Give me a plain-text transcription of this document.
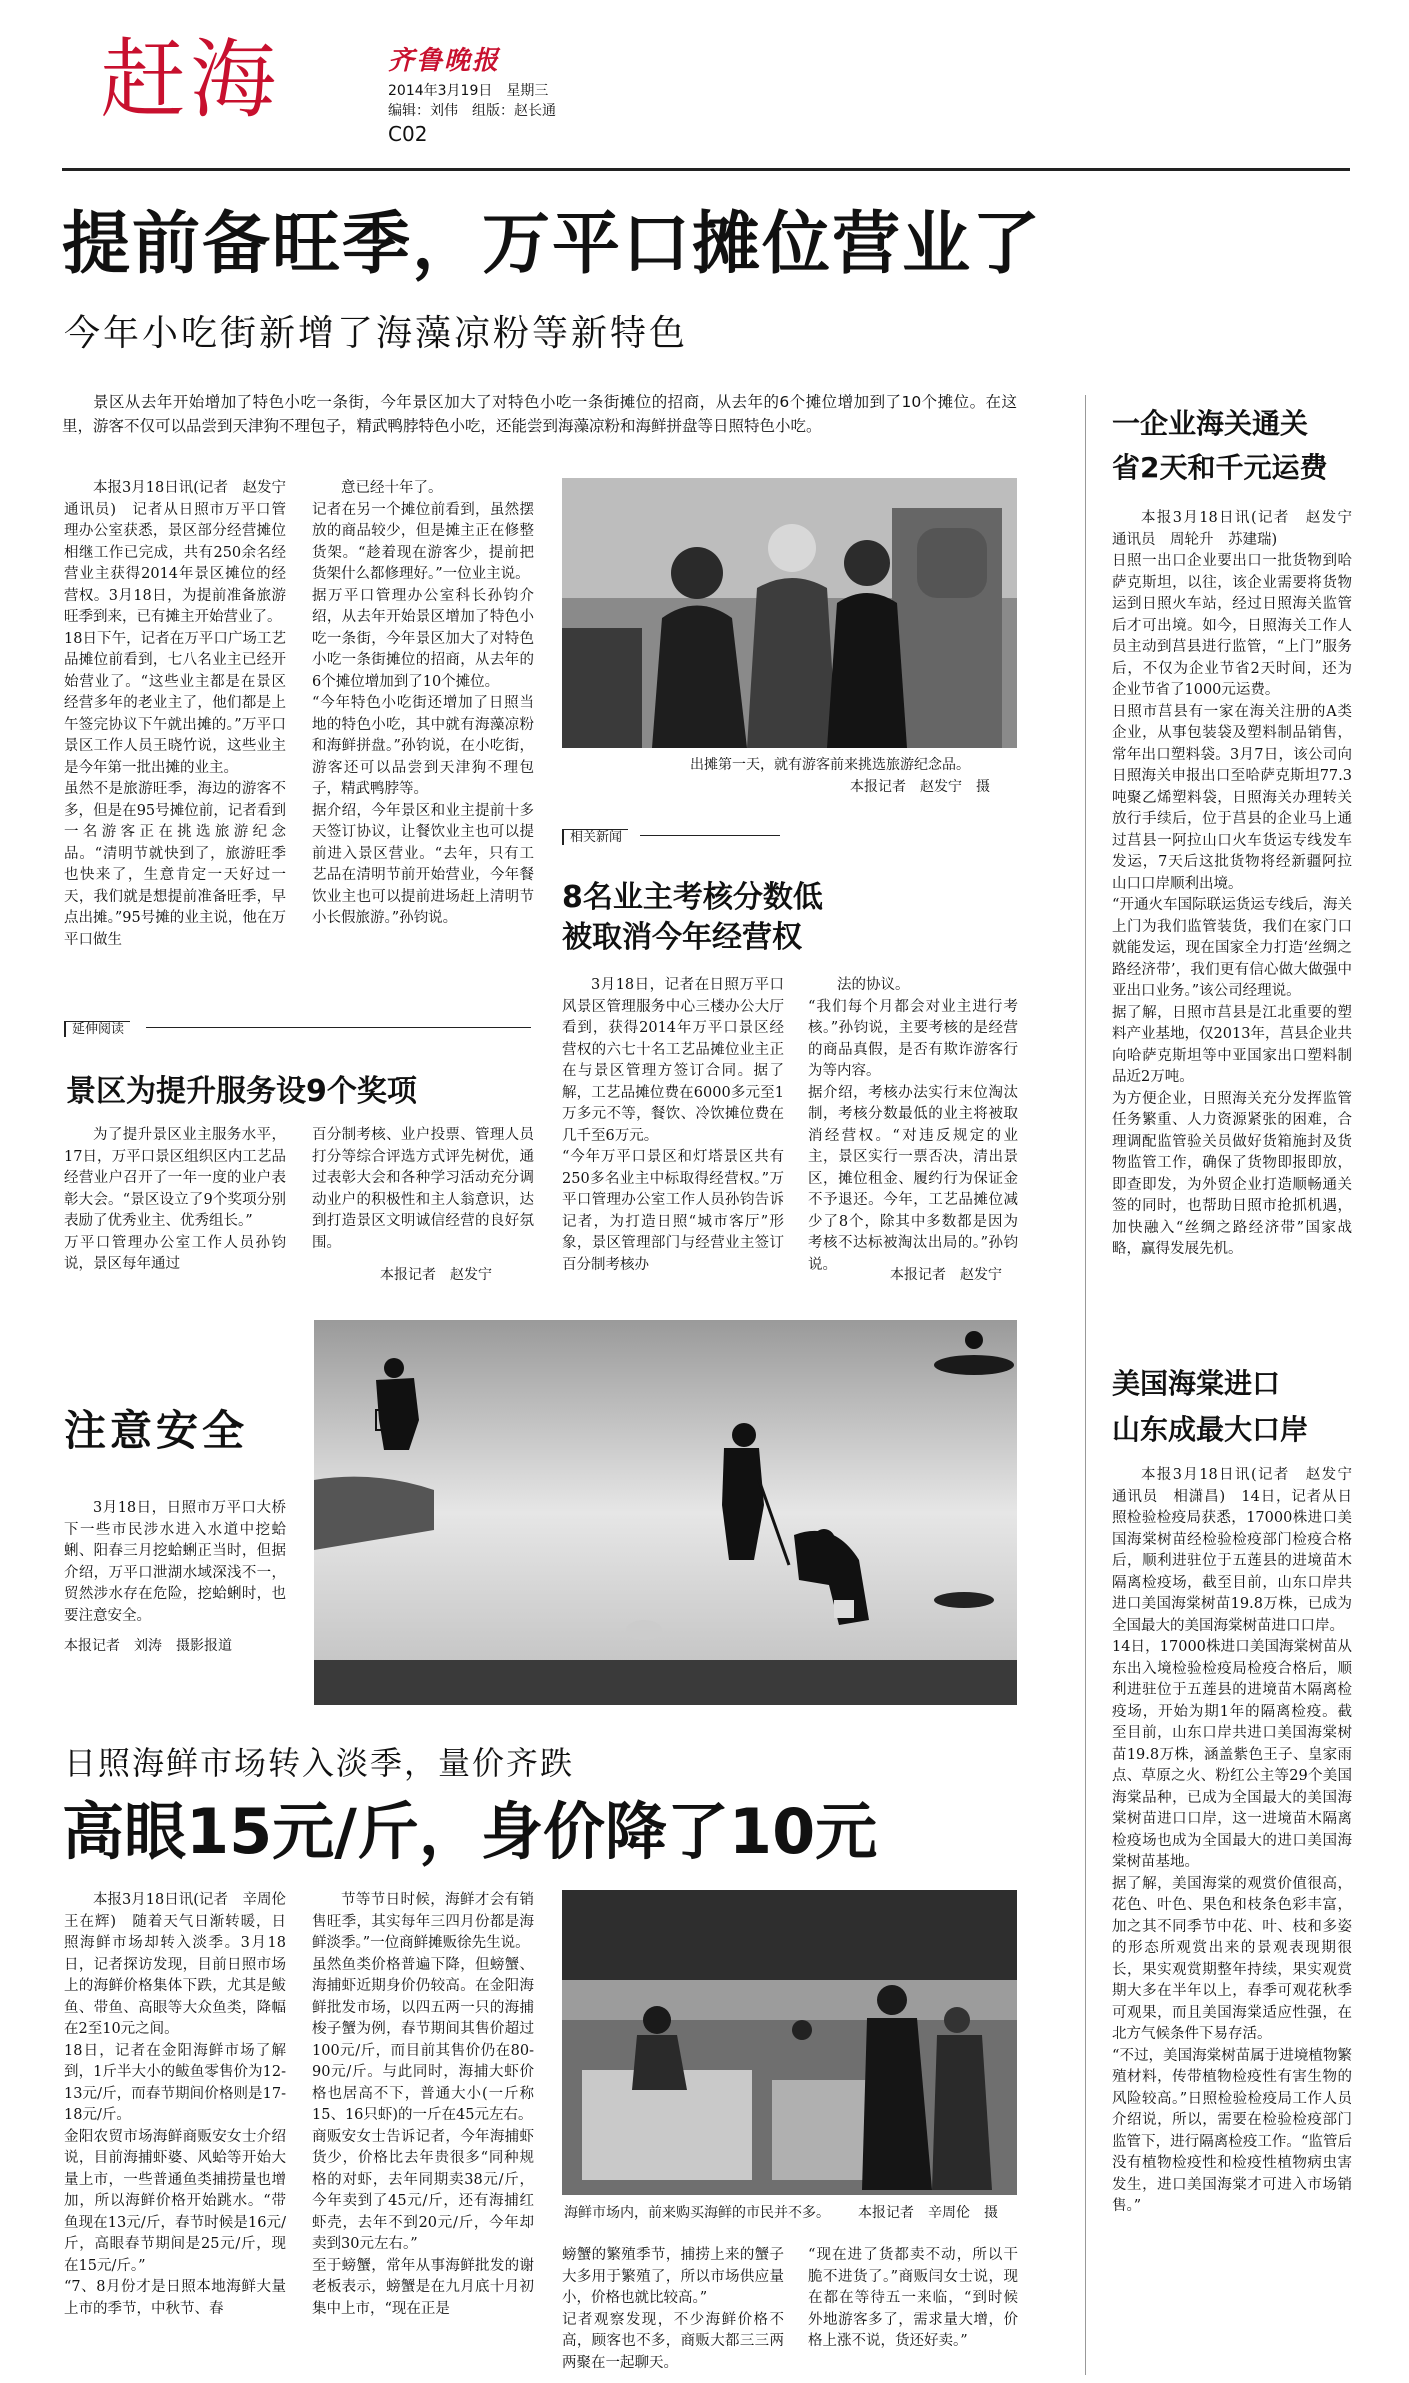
赶海	齐鲁晚报
2014年3月19日　星期三
编辑：刘伟　组版：赵长通
C02
提前备旺季，万平口摊位营业了
今年小吃街新增了海藻凉粉等新特色
景区从去年开始增加了特色小吃一条街，今年景区加大了对特色小吃一条街摊位的招商，从去年的6个摊位增加到了10个摊位。在这里，游客不仅可以品尝到天津狗不理包子，精武鸭脖特色小吃，还能尝到海藻凉粉和海鲜拼盘等日照特色小吃。
本报3月18日讯(记者　赵发宁　通讯员)　记者从日照市万平口管理办公室获悉，景区部分经营摊位相继工作已完成，共有250余名经营业主获得2014年景区摊位的经营权。3月18日，为提前准备旅游旺季到来，已有摊主开始营业了。
18日下午，记者在万平口广场工艺品摊位前看到，七八名业主已经开始营业了。“这些业主都是在景区经营多年的老业主了，他们都是上午签完协议下午就出摊的。”万平口景区工作人员王晓竹说，这些业主是今年第一批出摊的业主。
虽然不是旅游旺季，海边的游客不多，但是在95号摊位前，记者看到一名游客正在挑选旅游纪念品。“清明节就快到了，旅游旺季也快来了，生意肯定一天好过一天，我们就是想提前准备旺季，早点出摊。”95号摊的业主说，他在万平口做生
意已经十年了。
记者在另一个摊位前看到，虽然摆放的商品较少，但是摊主正在修整货架。“趁着现在游客少，提前把货架什么都修理好。”一位业主说。
据万平口管理办公室科长孙钧介绍，从去年开始景区增加了特色小吃一条街，今年景区加大了对特色小吃一条街摊位的招商，从去年的6个摊位增加到了10个摊位。
“今年特色小吃街还增加了日照当地的特色小吃，其中就有海藻凉粉和海鲜拼盘。”孙钧说，在小吃街，游客还可以品尝到天津狗不理包子，精武鸭脖等。
据介绍，今年景区和业主提前十多天签订协议，让餐饮业主也可以提前进入景区营业。“去年，只有工艺品在清明节前开始营业，今年餐饮业主也可以提前进场赶上清明节小长假旅游。”孙钧说。
出摊第一天，就有游客前来挑选旅游纪念品。
本报记者　赵发宁　摄
相关新闻
8名业主考核分数低
被取消今年经营权
3月18日，记者在日照万平口风景区管理服务中心三楼办公大厅看到，获得2014年万平口景区经营权的六七十名工艺品摊位业主正在与景区管理方签订合同。据了解，工艺品摊位费在6000多元至1万多元不等，餐饮、冷饮摊位费在几千至6万元。
“今年万平口景区和灯塔景区共有250多名业主中标取得经营权。”万平口管理办公室工作人员孙钧告诉记者，为打造日照“城市客厅”形象，景区管理部门与经营业主签订百分制考核办
法的协议。
“我们每个月都会对业主进行考核。”孙钧说，主要考核的是经营的商品真假，是否有欺诈游客行为等内容。
据介绍，考核办法实行末位淘汰制，考核分数最低的业主将被取消经营权。“对违反规定的业主，景区实行一票否决，清出景区，摊位租金、履约行为保证金不予退还。今年，工艺品摊位减少了8个，除其中多数都是因为考核不达标被淘汰出局的。”孙钧说。
本报记者　赵发宁
延伸阅读
景区为提升服务设9个奖项
为了提升景区业主服务水平，17日，万平口景区组织区内工艺品经营业户召开了一年一度的业户表彰大会。“景区设立了9个奖项分别表励了优秀业主、优秀组长。”
万平口管理办公室工作人员孙钧说，景区每年通过
百分制考核、业户投票、管理人员打分等综合评选方式评先树优，通过表彰大会和各种学习活动充分调动业户的积极性和主人翁意识，达到打造景区文明诚信经营的良好氛围。
本报记者　赵发宁
注意安全
3月18日，日照市万平口大桥下一些市民涉水进入水道中挖蛤蜊、阳春三月挖蛤蜊正当时，但据介绍，万平口泄湖水域深浅不一，贸然涉水存在危险，挖蛤蜊时，也要注意安全。
本报记者　刘涛　摄影报道
日照海鲜市场转入淡季，量价齐跌
高眼15元/斤，身价降了10元
本报3月18日讯(记者　辛周伦　王在辉)　随着天气日渐转暖，日照海鲜市场却转入淡季。3月18日，记者探访发现，目前日照市场上的海鲜价格集体下跌，尤其是鲅鱼、带鱼、高眼等大众鱼类，降幅在2至10元之间。
18日，记者在金阳海鲜市场了解到，1斤半大小的鲅鱼零售价为12-13元/斤，而春节期间价格则是17-18元/斤。
金阳农贸市场海鲜商贩安女士介绍说，目前海捕虾婆、风蛤等开始大量上市，一些普通鱼类捕捞量也增加，所以海鲜价格开始跳水。“带鱼现在13元/斤，春节时候是16元/斤，高眼春节期间是25元/斤，现在15元/斤。”
“7、8月份才是日照本地海鲜大量上市的季节，中秋节、春
节等节日时候，海鲜才会有销售旺季，其实每年三四月份都是海鲜淡季。”一位商鲜摊贩徐先生说。
虽然鱼类价格普遍下降，但螃蟹、海捕虾近期身价仍较高。在金阳海鲜批发市场，以四五两一只的海捕梭子蟹为例，春节期间其售价超过100元/斤，而目前其售价仍在80-90元/斤。与此同时，海捕大虾价格也居高不下，普通大小(一斤称15、16只虾)的一斤在45元左右。
商贩安女士告诉记者，今年海捕虾货少，价格比去年贵很多“同种规格的对虾，去年同期卖38元/斤，今年卖到了45元/斤，还有海捕红虾壳，去年不到20元/斤，今年却卖到30元左右。”
至于螃蟹，常年从事海鲜批发的谢老板表示，螃蟹是在九月底十月初集中上市，“现在正是
海鲜市场内，前来购买海鲜的市民并不多。 本报记者　辛周伦　摄
螃蟹的繁殖季节，捕捞上来的蟹子大多用于繁殖了，所以市场供应量小，价格也就比较高。”
记者观察发现，不少海鲜价格不高，顾客也不多，商贩大都三三两两聚在一起聊天。
“现在进了货都卖不动，所以干脆不进货了。”商贩闫女士说，现在都在等待五一来临，“到时候外地游客多了，需求量大增，价格上涨不说，货还好卖。”
一企业海关通关
省2天和千元运费
本报3月18日讯(记者　赵发宁　通讯员　周轮升　苏建瑞)
日照一出口企业要出口一批货物到哈萨克斯坦，以往，该企业需要将货物运到日照火车站，经过日照海关监管后才可出境。如今，日照海关工作人员主动到莒县进行监管，“上门”服务后，不仅为企业节省2天时间，还为企业节省了1000元运费。
日照市莒县有一家在海关注册的A类企业，从事包装袋及塑料制品销售，常年出口塑料袋。3月7日，该公司向日照海关申报出口至哈萨克斯坦77.3吨聚乙烯塑料袋，日照海关办理转关放行手续后，位于莒县的企业马上通过莒县一阿拉山口火车货运专线发车发运，7天后这批货物将经新疆阿拉山口口岸顺利出境。
“开通火车国际联运货运专线后，海关上门为我们监管装货，我们在家门口就能发运，现在国家全力打造‘丝绸之路经济带’，我们更有信心做大做强中亚出口业务。”该公司经理说。
据了解，日照市莒县是江北重要的塑料产业基地，仅2013年，莒县企业共向哈萨克斯坦等中亚国家出口塑料制品近2万吨。
为方便企业，日照海关充分发挥监管任务繁重、人力资源紧张的困难，合理调配监管验关员做好货箱施封及货物监管工作，确保了货物即报即放，即查即发，为外贸企业打造顺畅通关签的同时，也帮助日照市抢抓机遇，加快融入“丝绸之路经济带”国家战略，赢得发展先机。
美国海棠进口
山东成最大口岸
本报3月18日讯(记者　赵发宁　通讯员　相潇昌)　14日，记者从日照检验检疫局获悉，17000株进口美国海棠树苗经检验检疫部门检疫合格后，顺利进驻位于五莲县的进境苗木隔离检疫场，截至目前，山东口岸共进口美国海棠树苗19.8万株，已成为全国最大的美国海棠树苗进口口岸。
14日，17000株进口美国海棠树苗从东出入境检验检疫局检疫合格后，顺利进驻位于五莲县的进境苗木隔离检疫场，开始为期1年的隔离检疫。截至目前，山东口岸共进口美国海棠树苗19.8万株，涵盖紫色王子、皇家雨点、草原之火、粉红公主等29个美国海棠品种，已成为全国最大的美国海棠树苗进口口岸，这一进境苗木隔离检疫场也成为全国最大的进口美国海棠树苗基地。
据了解，美国海棠的观赏价值很高，花色、叶色、果色和枝条色彩丰富，加之其不同季节中花、叶、枝和多姿的形态所观赏出来的景观表现期很长，果实观赏期整年持续，果实观赏期大多在半年以上，春季可观花秋季可观果，而且美国海棠适应性强，在北方气候条件下易存活。
“不过，美国海棠树苗属于进境植物繁殖材料，传带植物检疫性有害生物的风险较高。”日照检验检疫局工作人员介绍说，所以，需要在检验检疫部门监管下，进行隔离检疫工作。“监管后没有植物检疫性和检疫性植物病虫害发生，进口美国海棠才可进入市场销售。”
